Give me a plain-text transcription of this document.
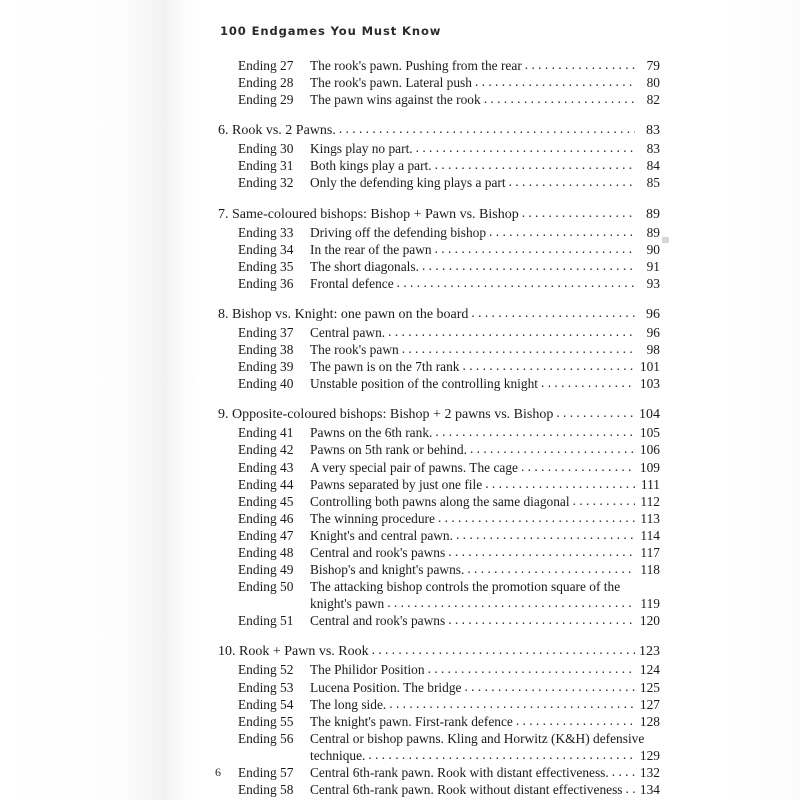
100 Endgames You Must Know
Ending 27	The rook's pawn. Pushing from the rear . . .	79
Ending 28	The rook's pawn. Lateral push . . .	80
Ending 29	The pawn wins against the rook . . .	82
6. Rook vs. 2 Pawns. . . .	83
Ending 30	Kings play no part. . . .	83
Ending 31	Both kings play a part. . . .	84
Ending 32	Only the defending king plays a part . . .	85
7. Same-coloured bishops: Bishop + Pawn vs. Bishop . . .	89
Ending 33	Driving off the defending bishop . . .	89
Ending 34	In the rear of the pawn . . .	90
Ending 35	The short diagonals. . . .	91
Ending 36	Frontal defence . . .	93
8. Bishop vs. Knight: one pawn on the board . . .	96
Ending 37	Central pawn. . . .	96
Ending 38	The rook's pawn . . .	98
Ending 39	The pawn is on the 7th rank . . .	101
Ending 40	Unstable position of the controlling knight . . .	103
9. Opposite-coloured bishops: Bishop + 2 pawns vs. Bishop . . .	104
Ending 41	Pawns on the 6th rank. . . .	105
Ending 42	Pawns on 5th rank or behind. . . .	106
Ending 43	A very special pair of pawns. The cage . . .	109
Ending 44	Pawns separated by just one file . . .	111
Ending 45	Controlling both pawns along the same diagonal . . .	112
Ending 46	The winning procedure . . .	113
Ending 47	Knight's and central pawn. . . .	114
Ending 48	Central and rook's pawns . . .	117
Ending 49	Bishop's and knight's pawns. . . .	118
Ending 50	The attacking bishop controls the promotion square of the
knight's pawn . . .	119
Ending 51	Central and rook's pawns . . .	120
10. Rook + Pawn vs. Rook . . .	123
Ending 52	The Philidor Position . . .	124
Ending 53	Lucena Position. The bridge . . .	125
Ending 54	The long side. . . .	127
Ending 55	The knight's pawn. First-rank defence . . .	128
Ending 56	Central or bishop pawns. Kling and Horwitz (K&H) defensive
technique. . . .	129
Ending 57	Central 6th-rank pawn. Rook with distant effectiveness. . . . 132
Ending 58	Central 6th-rank pawn. Rook without distant effectiveness . . . 134
6
